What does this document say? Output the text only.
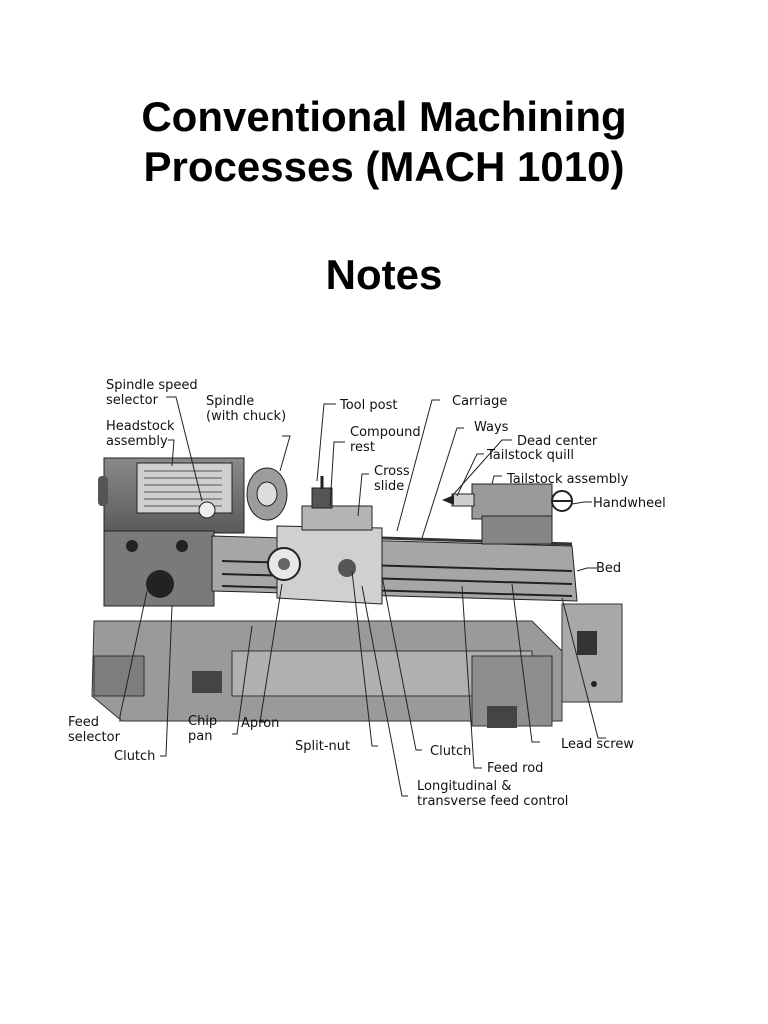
Conventional Machining
Processes (MACH 1010)
Notes
Spindle speed
selector
Headstock
assembly
Spindle
(with chuck)
Tool post
Compound
rest
Cross
slide
Carriage
Ways
Dead center
Tailstock quill
Tailstock assembly
Handwheel
Bed
Feed
selector
Clutch
Chip
pan
Apron
Split-nut	Clutch
Feed rod
Lead screw
Longitudinal &
transverse feed control
